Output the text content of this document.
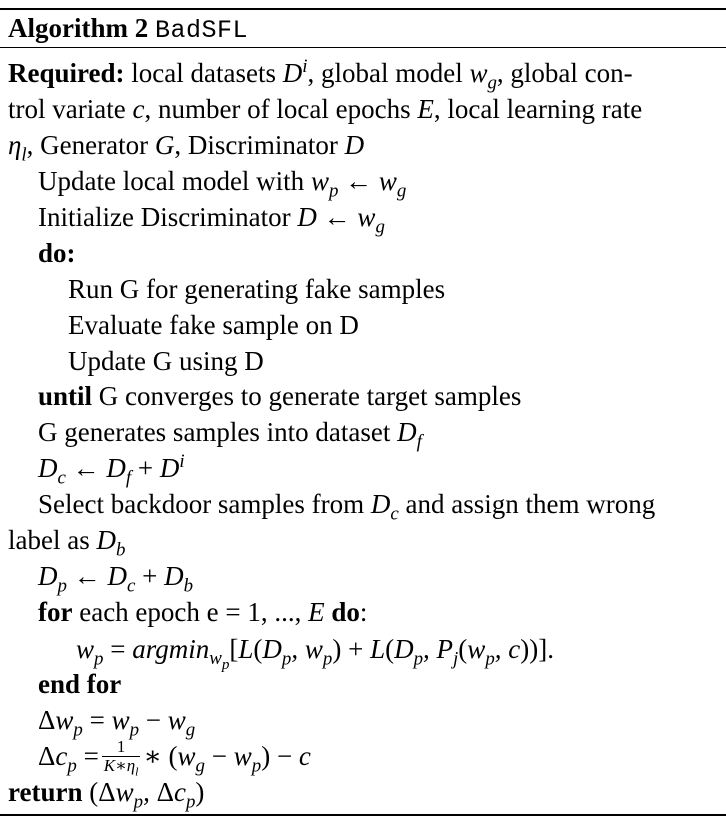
Algorithm 2 BadSFL
Required: local datasets $D^i$, global model $w_g$, global con-
trol variate c, number of local epochs E, local learning rate
$\eta_l$, Generator G, Discriminator D
Update local model with $w_p$ ← $w_g$
Initialize Discriminator D ← $w_g$
do:
Run G for generating fake samples
Evaluate fake sample on D
Update G using D
until G converges to generate target samples
G generates samples into dataset $D_f$
$D_c$ ← $D_f + D^i$
Select backdoor samples from $D_c$ and assign them wrong
label as $D_b$
$D_p$ ← $D_c + D_b$
for each epoch e = 1, ..., E do:
$w_p = argmin_{w_p}[L(D_p$, $w_p) + L(D_p$, $P_j(w_p$, c))].
end for
$\Delta w_p = w_p - w_g$
$\Delta c_p = \frac{1}{K∗\eta_l}$ ∗ $(w_g - w_p) - c$
return ($\Delta w_p$, $\Delta c_p$)
